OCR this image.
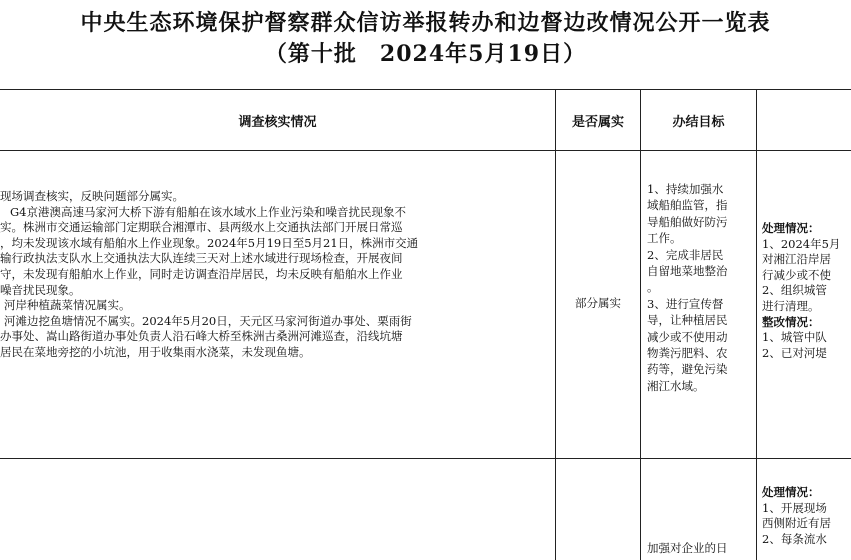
中央生态环境保护督察群众信访举报转办和边督边改情况公开一览表
（第十批　2024年5月19日）
调查核实情况	是否属实	办结目标
现场调查核实，反映问题部分属实。
G4京港澳高速马家河大桥下游有船舶在该水域水上作业污染和噪音扰民现象不
实。株洲市交通运输部门定期联合湘潭市、县两级水上交通执法部门开展日常巡
，均未发现该水域有船舶水上作业现象。2024年5月19日至5月21日，株洲市交通
输行政执法支队水上交通执法大队连续三天对上述水域进行现场检查，开展夜间
守，未发现有船舶水上作业，同时走访调查沿岸居民，均未反映有船舶水上作业
噪音扰民现象。
河岸种植蔬菜情况属实。
河滩边挖鱼塘情况不属实。2024年5月20日，天元区马家河街道办事处、栗雨街
办事处、嵩山路街道办事处负责人沿石峰大桥至株洲古桑洲河滩巡查，沿线坑塘
居民在菜地旁挖的小坑池，用于收集雨水浇菜，未发现鱼塘。
部分属实
1、持续加强水
域船舶监管，指
导船舶做好防污
工作。
2、完成非居民
自留地菜地整治
。
3、进行宣传督
导，让种植居民
减少或不使用动
物粪污肥料、农
药等，避免污染
湘江水域。
处理情况：
1、2024年5月
对湘江沿岸居
行减少或不使
2、组织城管
进行清理。
整改情况：
1、城管中队
2、已对河堤
加强对企业的日
处理情况：
1、开展现场
西侧附近有居
2、每条流水
